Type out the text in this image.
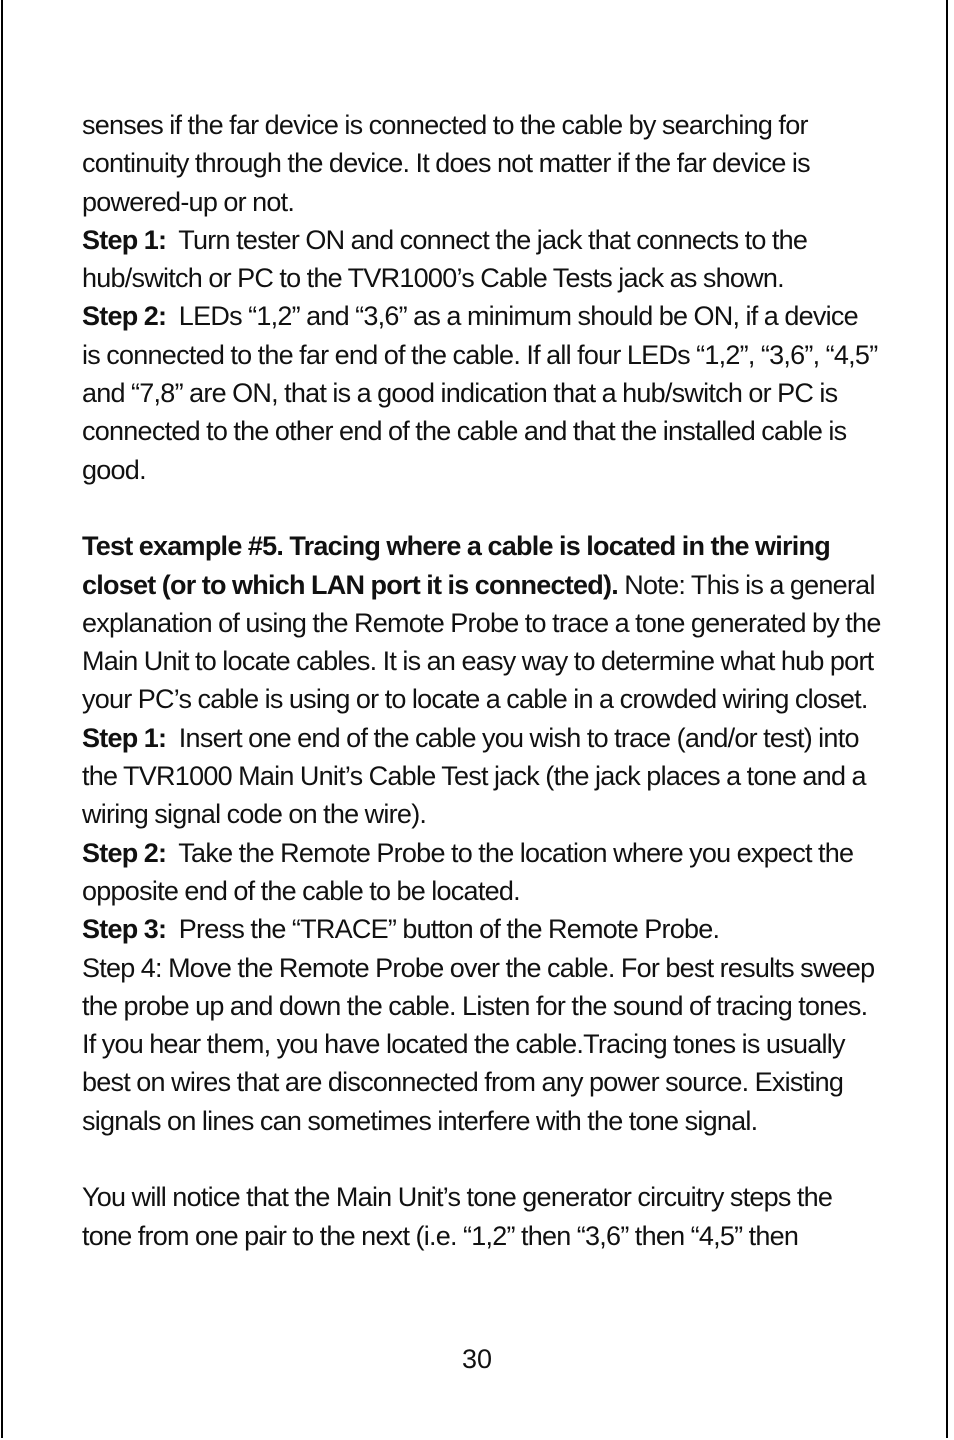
senses if the far device is connected to the cable by searching for continuity through the device. It does not matter if the far device is powered-up or not.

Step 1: Turn tester ON and connect the jack that connects to the hub/switch or PC to the TVR1000’s Cable Tests jack as shown.

Step 2: LEDs “1,2” and “3,6” as a minimum should be ON, if a device is connected to the far end of the cable. If all four LEDs “1,2”, “3,6”, “4,5” and “7,8” are ON, that is a good indication that a hub/switch or PC is connected to the other end of the cable and that the installed cable is good.

Test example #5. Tracing where a cable is located in the wiring closet (or to which LAN port it is connected). Note: This is a general explanation of using the Remote Probe to trace a tone generated by the Main Unit to locate cables. It is an easy way to determine what hub port your PC’s cable is using or to locate a cable in a crowded wiring closet.

Step 1: Insert one end of the cable you wish to trace (and/or test) into the TVR1000 Main Unit’s Cable Test jack (the jack places a tone and a wiring signal code on the wire).

Step 2: Take the Remote Probe to the location where you expect the opposite end of the cable to be located.

Step 3: Press the “TRACE” button of the Remote Probe.

Step 4: Move the Remote Probe over the cable. For best results sweep the probe up and down the cable. Listen for the sound of tracing tones. If you hear them, you have located the cable.Tracing tones is usually best on wires that are disconnected from any power source. Existing signals on lines can sometimes interfere with the tone signal.

You will notice that the Main Unit’s tone generator circuitry steps the tone from one pair to the next (i.e. “1,2” then “3,6” then “4,5” then

30
